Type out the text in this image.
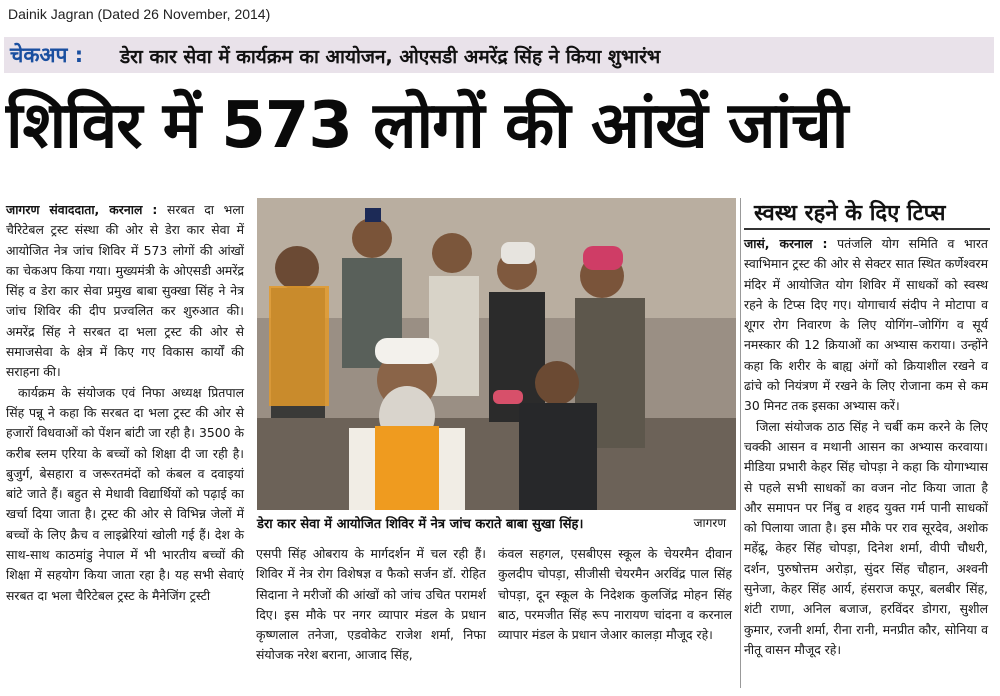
Dainik Jagran (Dated 26 November, 2014)
चेकअप : डेरा कार सेवा में कार्यक्रम का आयोजन, ओएसडी अमरेंद्र सिंह ने किया शुभारंभ
शिविर में 573 लोगों की आंखें जांची

जागरण संवाददाता, करनाल : सरबत दा भला चैरिटेबल ट्रस्ट संस्था की ओर से डेरा कार सेवा में आयोजित नेत्र जांच शिविर में 573 लोगों की आंखों का चेकअप किया गया। मुख्यमंत्री के ओएसडी अमरेंद्र सिंह व डेरा कार सेवा प्रमुख बाबा सुक्खा सिंह ने नेत्र जांच शिविर की दीप प्रज्वलित कर शुरुआत की। अमरेंद्र सिंह ने सरबत दा भला ट्रस्ट की ओर से समाजसेवा के क्षेत्र में किए गए विकास कार्यों की सराहना की।

कार्यक्रम के संयोजक एवं निफा अध्यक्ष प्रितपाल सिंह पन्नू ने कहा कि सरबत दा भला ट्रस्ट की ओर से हजारों विधवाओं को पेंशन बांटी जा रही है। 3500 के करीब स्लम एरिया के बच्चों को शिक्षा दी जा रही है। बुजुर्ग, बेसहारा व जरूरतमंदों को कंबल व दवाइयां बांटे जाते हैं। बहुत से मेधावी विद्यार्थियों को पढ़ाई का खर्चा दिया जाता है। ट्रस्ट की ओर से विभिन्न जेलों में बच्चों के लिए क्रैच व लाइब्रेरियां खोली गई हैं। देश के साथ-साथ काठमांडु नेपाल में भी भारतीय बच्चों की शिक्षा में सहयोग किया जाता रहा है। यह सभी सेवाएं सरबत दा भला चैरिटेबल ट्रस्ट के मैनेजिंग ट्रस्टी

डेरा कार सेवा में आयोजित शिविर में नेत्र जांच कराते बाबा सुखा सिंह।	जागरण

एसपी सिंह ओबराय के मार्गदर्शन में चल रही हैं। शिविर में नेत्र रोग विशेषज्ञ व फैको सर्जन डॉ. रोहित सिदाना ने मरीजों की आंखों को जांच उचित परामर्श दिए। इस मौके पर नगर व्यापार मंडल के प्रधान कृष्णलाल तनेजा, एडवोकेट राजेश शर्मा, निफा संयोजक नरेश बराना, आजाद सिंह,

कंवल सहगल, एसबीएस स्कूल के चेयरमैन दीवान कुलदीप चोपड़ा, सीजीसी चेयरमैन अरविंद्र पाल सिंह चोपड़ा, दून स्कूल के निदेशक कुलजिंद्र मोहन सिंह बाठ, परमजीत सिंह रूप नारायण चांदना व करनाल व्यापार मंडल के प्रधान जेआर कालड़ा मौजूद रहे।

स्वस्थ रहने के दिए टिप्स

जासं, करनाल : पतंजलि योग समिति व भारत स्वाभिमान ट्रस्ट की ओर से सेक्टर सात स्थित कर्णेश्वरम मंदिर में आयोजित योग शिविर में साधकों को स्वस्थ रहने के टिप्स दिए गए। योगाचार्य संदीप ने मोटापा व शूगर रोग निवारण के लिए योगिंग–जोगिंग व सूर्य नमस्कार की 12 क्रियाओं का अभ्यास कराया। उन्होंने कहा कि शरीर के बाह्य अंगों को क्रियाशील रखने व ढांचे को नियंत्रण में रखने के लिए रोजाना कम से कम 30 मिनट तक इसका अभ्यास करें।

जिला संयोजक ठाठ सिंह ने चर्बी कम करने के लिए चक्की आसन व मथानी आसन का अभ्यास करवाया। मीडिया प्रभारी केहर सिंह चोपड़ा ने कहा कि योगाभ्यास से पहले सभी साधकों का वजन नोट किया जाता है और समापन पर निंबु व शहद युक्त गर्म पानी साधकों को पिलाया जाता है। इस मौके पर राव सूरदेव, अशोक महेंद्रू, केहर सिंह चोपड़ा, दिनेश शर्मा, वीपी चौधरी, दर्शन, पुरुषोत्तम अरोड़ा, सुंदर सिंह चौहान, अश्वनी सुनेजा, केहर सिंह आर्य, हंसराज कपूर, बलबीर सिंह, शंटी राणा, अनिल बजाज, हरविंदर डोगरा, सुशील कुमार, रजनी शर्मा, रीना रानी, मनप्रीत कौर, सोनिया व नीतू वासन मौजूद रहे।
